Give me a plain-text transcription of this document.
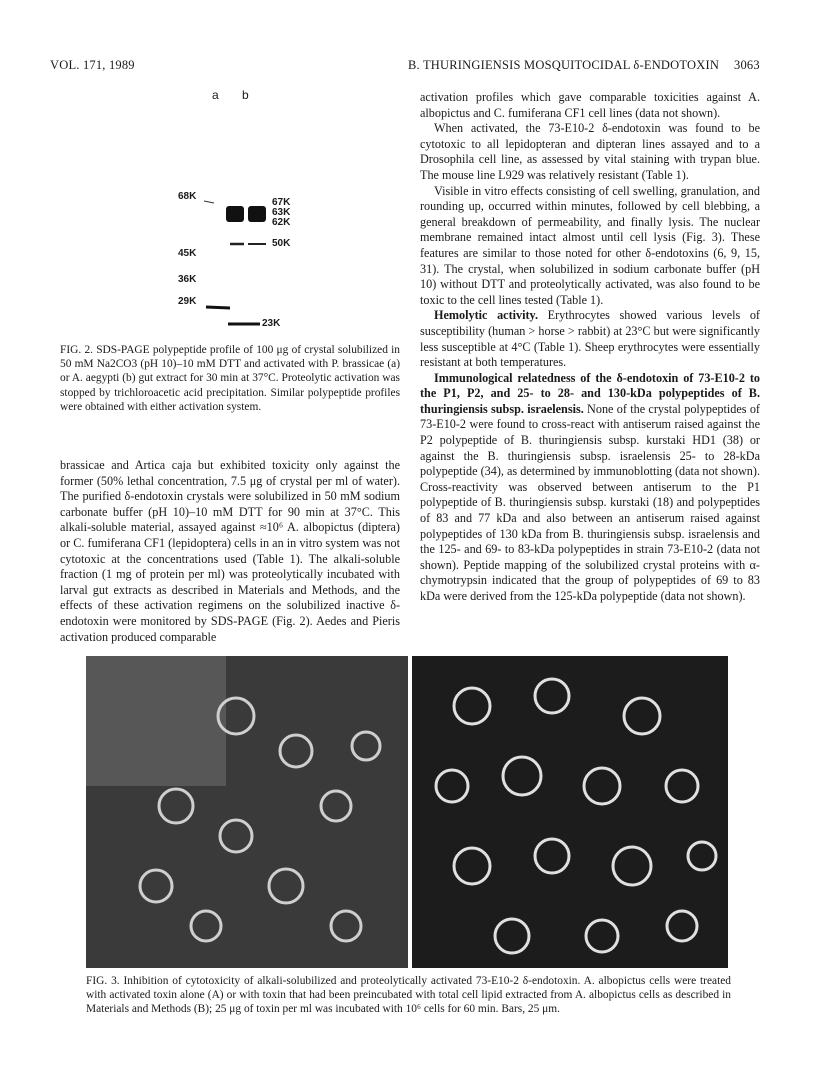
VOL. 171, 1989	B. THURINGIENSIS MOSQUITOCIDAL δ-ENDOTOXIN 3063
a b
68K
45K
36K
29K
67K
63K
62K
50K
23K
FIG. 2. SDS-PAGE polypeptide profile of 100 μg of crystal solubilized in 50 mM Na2CO3 (pH 10)–10 mM DTT and activated with P. brassicae (a) or A. aegypti (b) gut extract for 30 min at 37°C. Proteolytic activation was stopped by trichloroacetic acid precipitation. Similar polypeptide profiles were obtained with either activation system.

brassicae and Artica caja but exhibited toxicity only against the former (50% lethal concentration, 7.5 μg of crystal per ml of water). The purified δ-endotoxin crystals were solubilized in 50 mM sodium carbonate buffer (pH 10)–10 mM DTT for 90 min at 37°C. This alkali-soluble material, assayed against ≈10⁶ A. albopictus (diptera) or C. fumiferana CF1 (lepidoptera) cells in an in vitro system was not cytotoxic at the concentrations used (Table 1). The alkali-soluble fraction (1 mg of protein per ml) was proteolytically incubated with larval gut extracts as described in Materials and Methods, and the effects of these activation regimens on the solubilized inactive δ-endotoxin were monitored by SDS-PAGE (Fig. 2). Aedes and Pieris activation produced comparable

activation profiles which gave comparable toxicities against A. albopictus and C. fumiferana CF1 cell lines (data not shown).

When activated, the 73-E10-2 δ-endotoxin was found to be cytotoxic to all lepidopteran and dipteran lines assayed and to a Drosophila cell line, as assessed by vital staining with trypan blue. The mouse line L929 was relatively resistant (Table 1).

Visible in vitro effects consisting of cell swelling, granulation, and rounding up, occurred within minutes, followed by cell blebbing, a general breakdown of permeability, and finally lysis. The nuclear membrane remained intact almost until cell lysis (Fig. 3). These features are similar to those noted for other δ-endotoxins (6, 9, 15, 31). The crystal, when solubilized in sodium carbonate buffer (pH 10) without DTT and proteolytically activated, was also found to be toxic to the cell lines tested (Table 1).

Hemolytic activity. Erythrocytes showed various levels of susceptibility (human > horse > rabbit) at 23°C but were significantly less susceptible at 4°C (Table 1). Sheep erythrocytes were essentially resistant at both temperatures.

Immunological relatedness of the δ-endotoxin of 73-E10-2 to the P1, P2, and 25- to 28- and 130-kDa polypeptides of B. thuringiensis subsp. israelensis. None of the crystal polypeptides of 73-E10-2 were found to cross-react with antiserum raised against the P2 polypeptide of B. thuringiensis subsp. kurstaki HD1 (38) or against the B. thuringiensis subsp. israelensis 25- to 28-kDa polypeptide (34), as determined by immunoblotting (data not shown). Cross-reactivity was observed between antiserum to the P1 polypeptide of B. thuringiensis subsp. kurstaki (18) and polypeptides of 83 and 77 kDa and also between an antiserum raised against polypeptides of 130 kDa from B. thuringiensis subsp. israelensis and the 125- and 69- to 83-kDa polypeptides in strain 73-E10-2 (data not shown). Peptide mapping of the solubilized crystal proteins with α-chymotrypsin indicated that the group of polypeptides of 69 to 83 kDa were derived from the 125-kDa polypeptide (data not shown).

FIG. 3. Inhibition of cytotoxicity of alkali-solubilized and proteolytically activated 73-E10-2 δ-endotoxin. A. albopictus cells were treated with activated toxin alone (A) or with toxin that had been preincubated with total cell lipid extracted from A. albopictus cells as described in Materials and Methods (B); 25 μg of toxin per ml was incubated with 10⁶ cells for 60 min. Bars, 25 μm.
